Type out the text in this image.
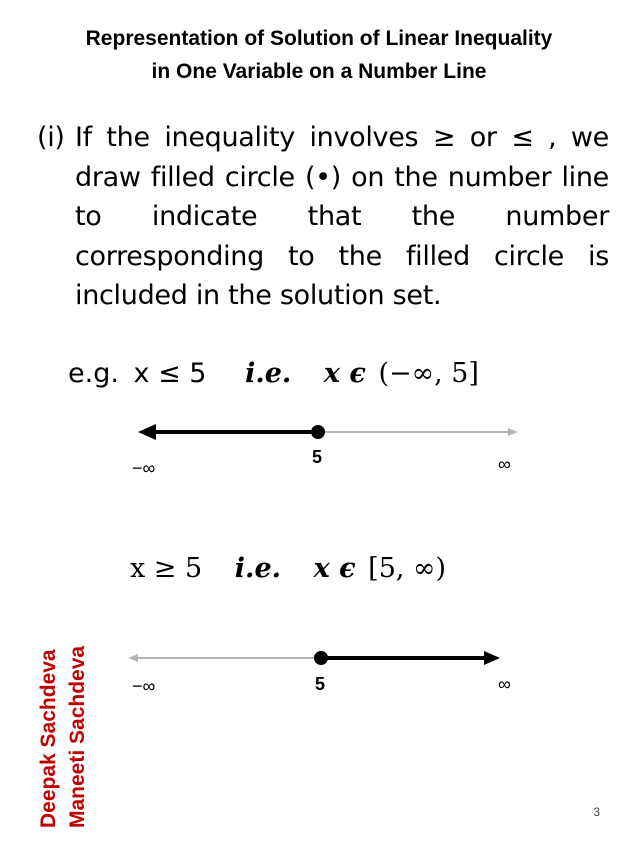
Representation of Solution of Linear Inequality
in One Variable on a Number Line
(i) If the inequality involves ≥ or ≤ , we draw filled circle (•) on the number line to indicate that the number corresponding to the filled circle is included in the solution set.
e.g. x ≤ 5 i.e. x ϵ (−∞, 5]
−∞
5	∞
x ≥ 5 i.e. x ϵ [5, ∞)
−∞	5	∞
Deepak Sachdeva Maneeti Sachdeva	3
